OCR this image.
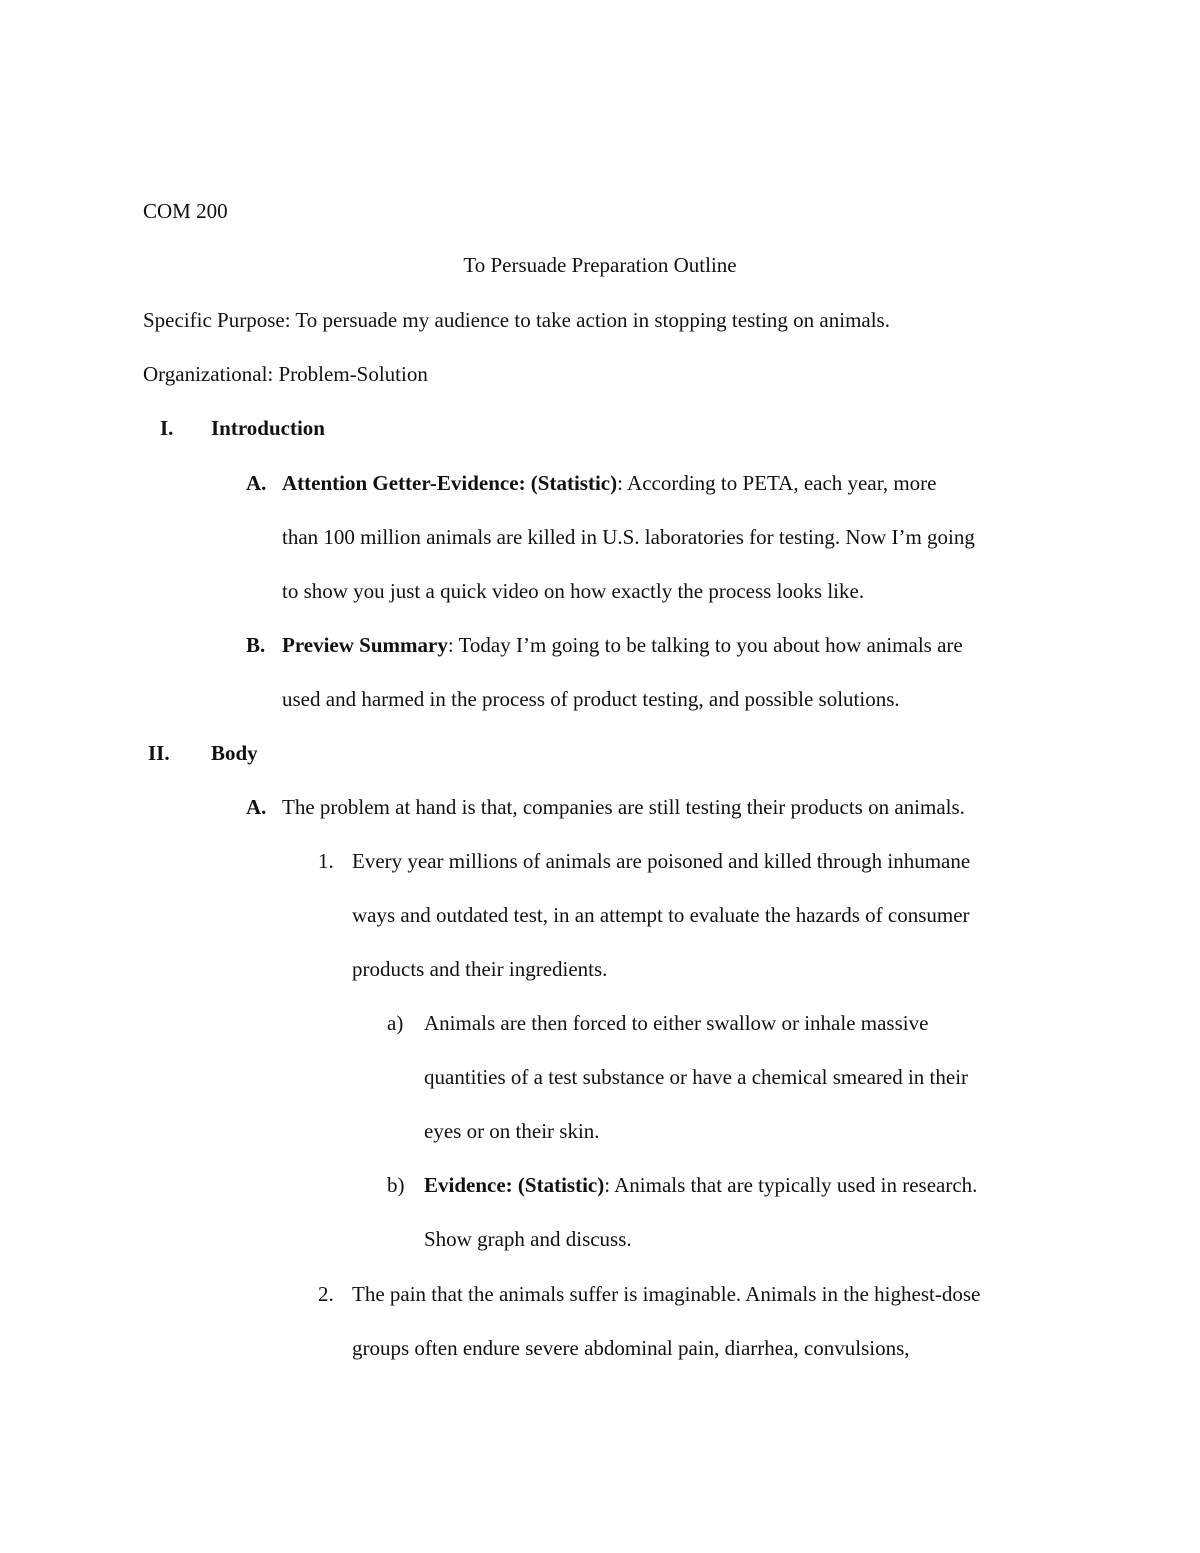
COM 200
To Persuade Preparation Outline
Specific Purpose: To persuade my audience to take action in stopping testing on animals.
Organizational: Problem-Solution
I. Introduction
A. Attention Getter-Evidence: (Statistic): According to PETA, each year, more
than 100 million animals are killed in U.S. laboratories for testing. Now I’m going
to show you just a quick video on how exactly the process looks like.
B. Preview Summary: Today I’m going to be talking to you about how animals are
used and harmed in the process of product testing, and possible solutions.
II. Body
A. The problem at hand is that, companies are still testing their products on animals.
1. Every year millions of animals are poisoned and killed through inhumane
ways and outdated test, in an attempt to evaluate the hazards of consumer
products and their ingredients.
a) Animals are then forced to either swallow or inhale massive
quantities of a test substance or have a chemical smeared in their
eyes or on their skin.
b) Evidence: (Statistic): Animals that are typically used in research.
Show graph and discuss.
2. The pain that the animals suffer is imaginable. Animals in the highest-dose
groups often endure severe abdominal pain, diarrhea, convulsions,
